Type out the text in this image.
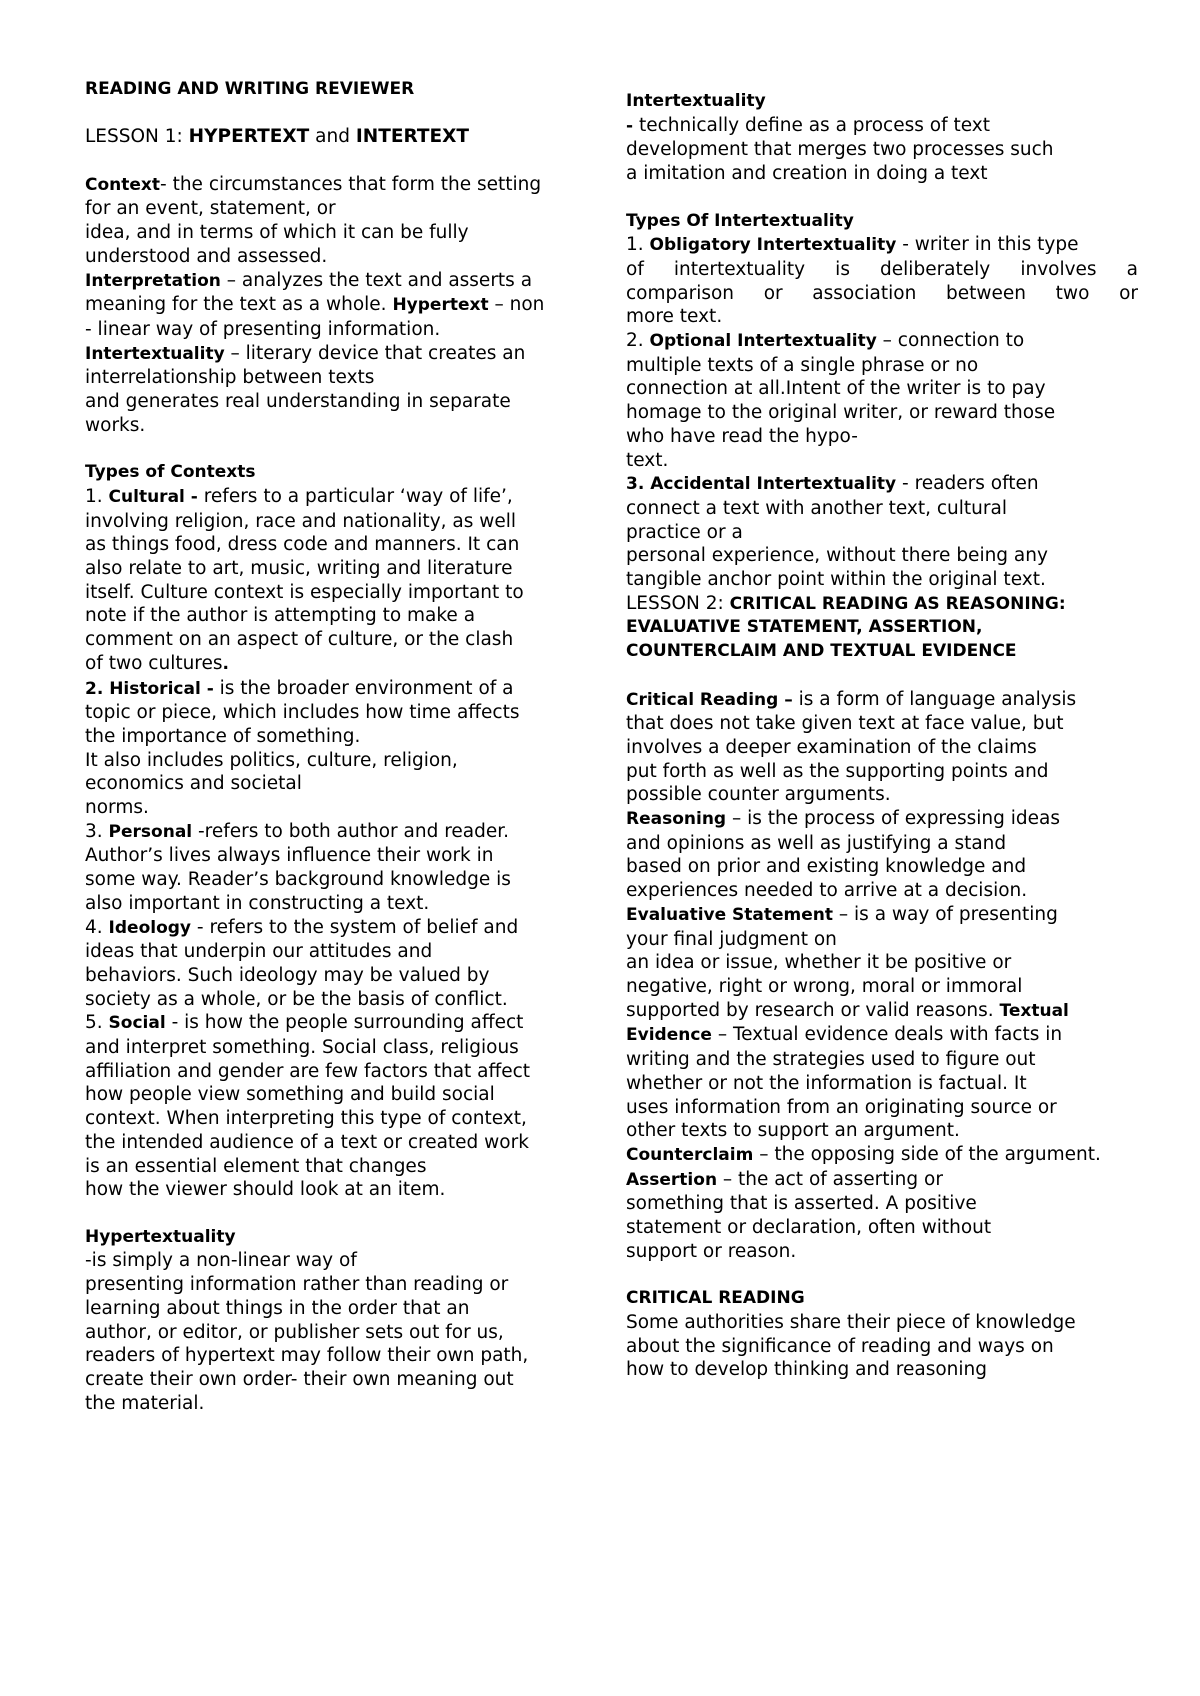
READING AND WRITING REVIEWER
LESSON 1: HYPERTEXT and INTERTEXT
Context- the circumstances that form the setting
for an event, statement, or
idea, and in terms of which it can be fully
understood and assessed.
Interpretation – analyzes the text and asserts a
meaning for the text as a whole. Hypertext – non
- linear way of presenting information.
Intertextuality – literary device that creates an
interrelationship between texts
and generates real understanding in separate
works.
Types of Contexts
1. Cultural - refers to a particular ‘way of life’,
involving religion, race and nationality, as well
as things food, dress code and manners. It can
also relate to art, music, writing and literature
itself. Culture context is especially important to
note if the author is attempting to make a
comment on an aspect of culture, or the clash
of two cultures.
2. Historical - is the broader environment of a
topic or piece, which includes how time affects
the importance of something.
It also includes politics, culture, religion,
economics and societal
norms.
3. Personal -refers to both author and reader.
Author’s lives always influence their work in
some way. Reader’s background knowledge is
also important in constructing a text.
4. Ideology - refers to the system of belief and
ideas that underpin our attitudes and
behaviors. Such ideology may be valued by
society as a whole, or be the basis of conflict.
5. Social - is how the people surrounding affect
and interpret something. Social class, religious
affiliation and gender are few factors that affect
how people view something and build social
context. When interpreting this type of context,
the intended audience of a text or created work
is an essential element that changes
how the viewer should look at an item.
Hypertextuality
-is simply a non-linear way of
presenting information rather than reading or
learning about things in the order that an
author, or editor, or publisher sets out for us,
readers of hypertext may follow their own path,
create their own order- their own meaning out
the material.
Intertextuality
- technically define as a process of text
development that merges two processes such
a imitation and creation in doing a text
Types Of Intertextuality
1. Obligatory Intertextuality - writer in this type
of intertextuality is deliberately involves a
comparison or association between two or
more text.
2. Optional Intertextuality – connection to
multiple texts of a single phrase or no
connection at all.Intent of the writer is to pay
homage to the original writer, or reward those
who have read the hypo-
text.
3. Accidental Intertextuality - readers often
connect a text with another text, cultural
practice or a
personal experience, without there being any
tangible anchor point within the original text.
LESSON 2: CRITICAL READING AS REASONING:
EVALUATIVE STATEMENT, ASSERTION,
COUNTERCLAIM AND TEXTUAL EVIDENCE
Critical Reading – is a form of language analysis
that does not take given text at face value, but
involves a deeper examination of the claims
put forth as well as the supporting points and
possible counter arguments.
Reasoning – is the process of expressing ideas
and opinions as well as justifying a stand
based on prior and existing knowledge and
experiences needed to arrive at a decision.
Evaluative Statement – is a way of presenting
your final judgment on
an idea or issue, whether it be positive or
negative, right or wrong, moral or immoral
supported by research or valid reasons. Textual
Evidence – Textual evidence deals with facts in
writing and the strategies used to figure out
whether or not the information is factual. It
uses information from an originating source or
other texts to support an argument.
Counterclaim – the opposing side of the argument.
Assertion – the act of asserting or
something that is asserted. A positive
statement or declaration, often without
support or reason.
CRITICAL READING
Some authorities share their piece of knowledge
about the significance of reading and ways on
how to develop thinking and reasoning
